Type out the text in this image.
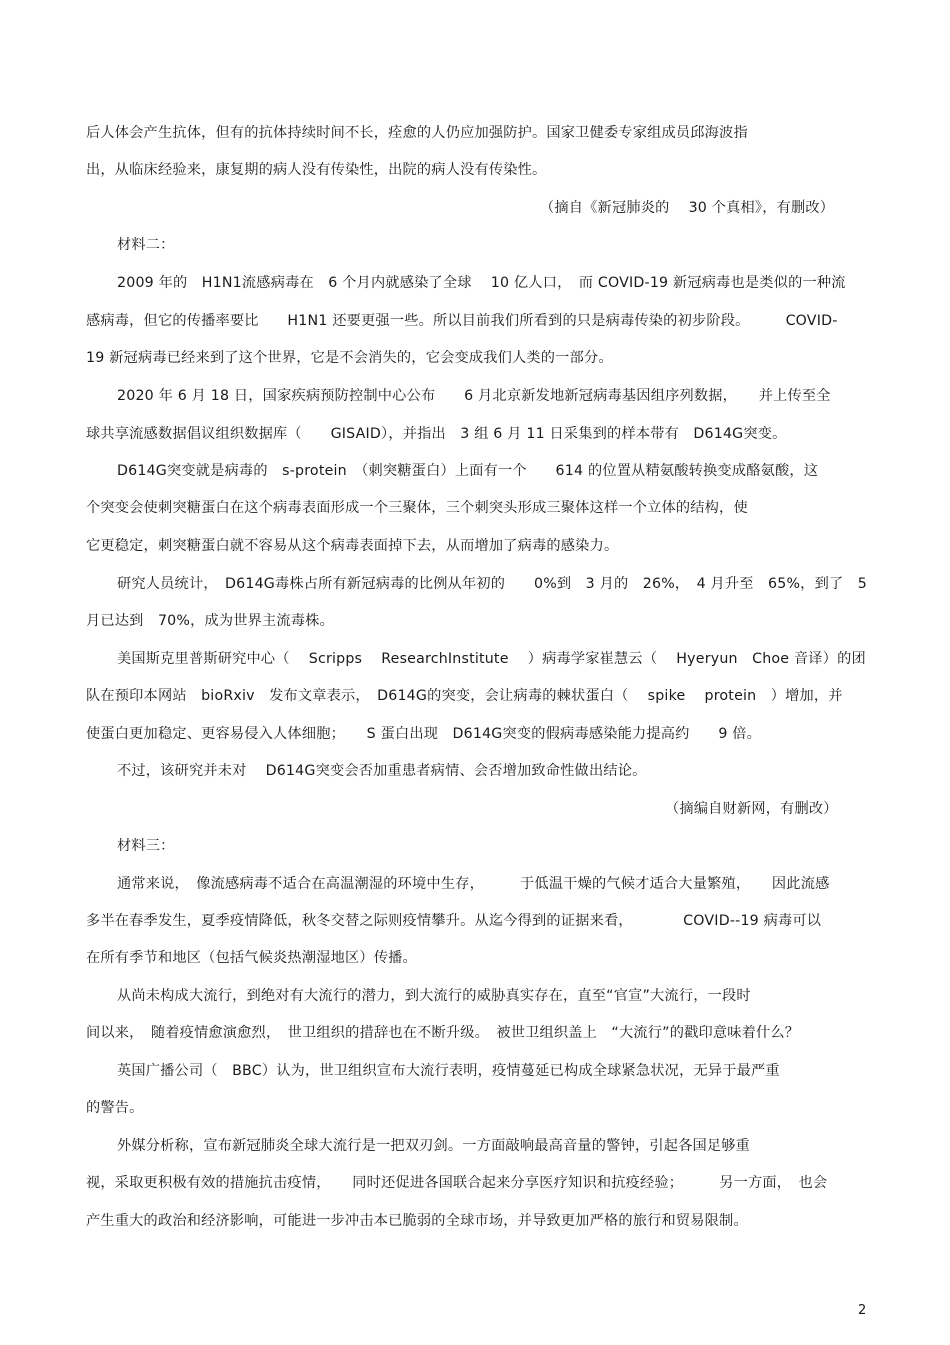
后人体会产生抗体，但有的抗体持续时间不长，痊愈的人仍应加强防护。国家卫健委专家组成员邱海波指
出，从临床经验来，康复期的病人没有传染性，出院的病人没有传染性。
（摘自《新冠肺炎的　 30 个真相》，有删改）
材料二：
2009 年的　H1N1流感病毒在　6 个月内就感染了全球　 10 亿人口，　而 COVID-19 新冠病毒也是类似的一种流
感病毒，但它的传播率要比　　H1N1 还要更强一些。所以目前我们所看到的只是病毒传染的初步阶段。　　　COVID-
19 新冠病毒已经来到了这个世界，它是不会消失的，它会变成我们人类的一部分。
2020 年 6 月 18 日，国家疾病预防控制中心公布　　6 月北京新发地新冠病毒基因组序列数据，　　并上传至全
球共享流感数据倡议组织数据库（　　GISAID），并指出　3 组 6 月 11 日采集到的样本带有　D614G突变。
D614G突变就是病毒的　s-protein　（刺突糖蛋白）上面有一个　　614 的位置从精氨酸转换变成酪氨酸，这
个突变会使刺突糖蛋白在这个病毒表面形成一个三聚体，三个刺突头形成三聚体这样一个立体的结构，使
它更稳定，刺突糖蛋白就不容易从这个病毒表面掉下去，从而增加了病毒的感染力。
研究人员统计，　D614G毒株占所有新冠病毒的比例从年初的　　0%到　3 月的　26%，　4 月升至　65%，到了　5
月已达到　70%，成为世界主流毒株。
美国斯克里普斯研究中心（　 Scripps　 ResearchInstitute　 ）病毒学家崔慧云（　 Hyeryun　Choe 音译）的团
队在预印本网站　bioRxiv　发布文章表示，　D614G的突变，会让病毒的棘状蛋白（　 spike　 protein　）增加，并
使蛋白更加稳定、更容易侵入人体细胞；　　S 蛋白出现　D614G突变的假病毒感染能力提高约　　9 倍。
不过，该研究并未对　 D614G突变会否加重患者病情、会否增加致命性做出结论。
（摘编自财新网，有删改）
材料三：
通常来说，　像流感病毒不适合在高温潮湿的环境中生存，　　　于低温干燥的气候才适合大量繁殖，　　因此流感
多半在春季发生，夏季疫情降低，秋冬交替之际则疫情攀升。从迄今得到的证据来看，　　　　COVID--19 病毒可以
在所有季节和地区（包括气候炎热潮湿地区）传播。
从尚未构成大流行，到绝对有大流行的潜力，到大流行的威胁真实存在，直至“官宣”大流行，一段时
间以来，　随着疫情愈演愈烈，　世卫组织的措辞也在不断升级。　被世卫组织盖上　“大流行”的戳印意味着什么？
英国广播公司（　BBC）认为，世卫组织宣布大流行表明，疫情蔓延已构成全球紧急状况，无异于最严重
的警告。
外媒分析称，宣布新冠肺炎全球大流行是一把双刃剑。一方面敲响最高音量的警钟，引起各国足够重
视，采取更积极有效的措施抗击疫情，　　同时还促进各国联合起来分享医疗知识和抗疫经验；　　　另一方面，　也会
产生重大的政治和经济影响，可能进一步冲击本已脆弱的全球市场，并导致更加严格的旅行和贸易限制。
2
